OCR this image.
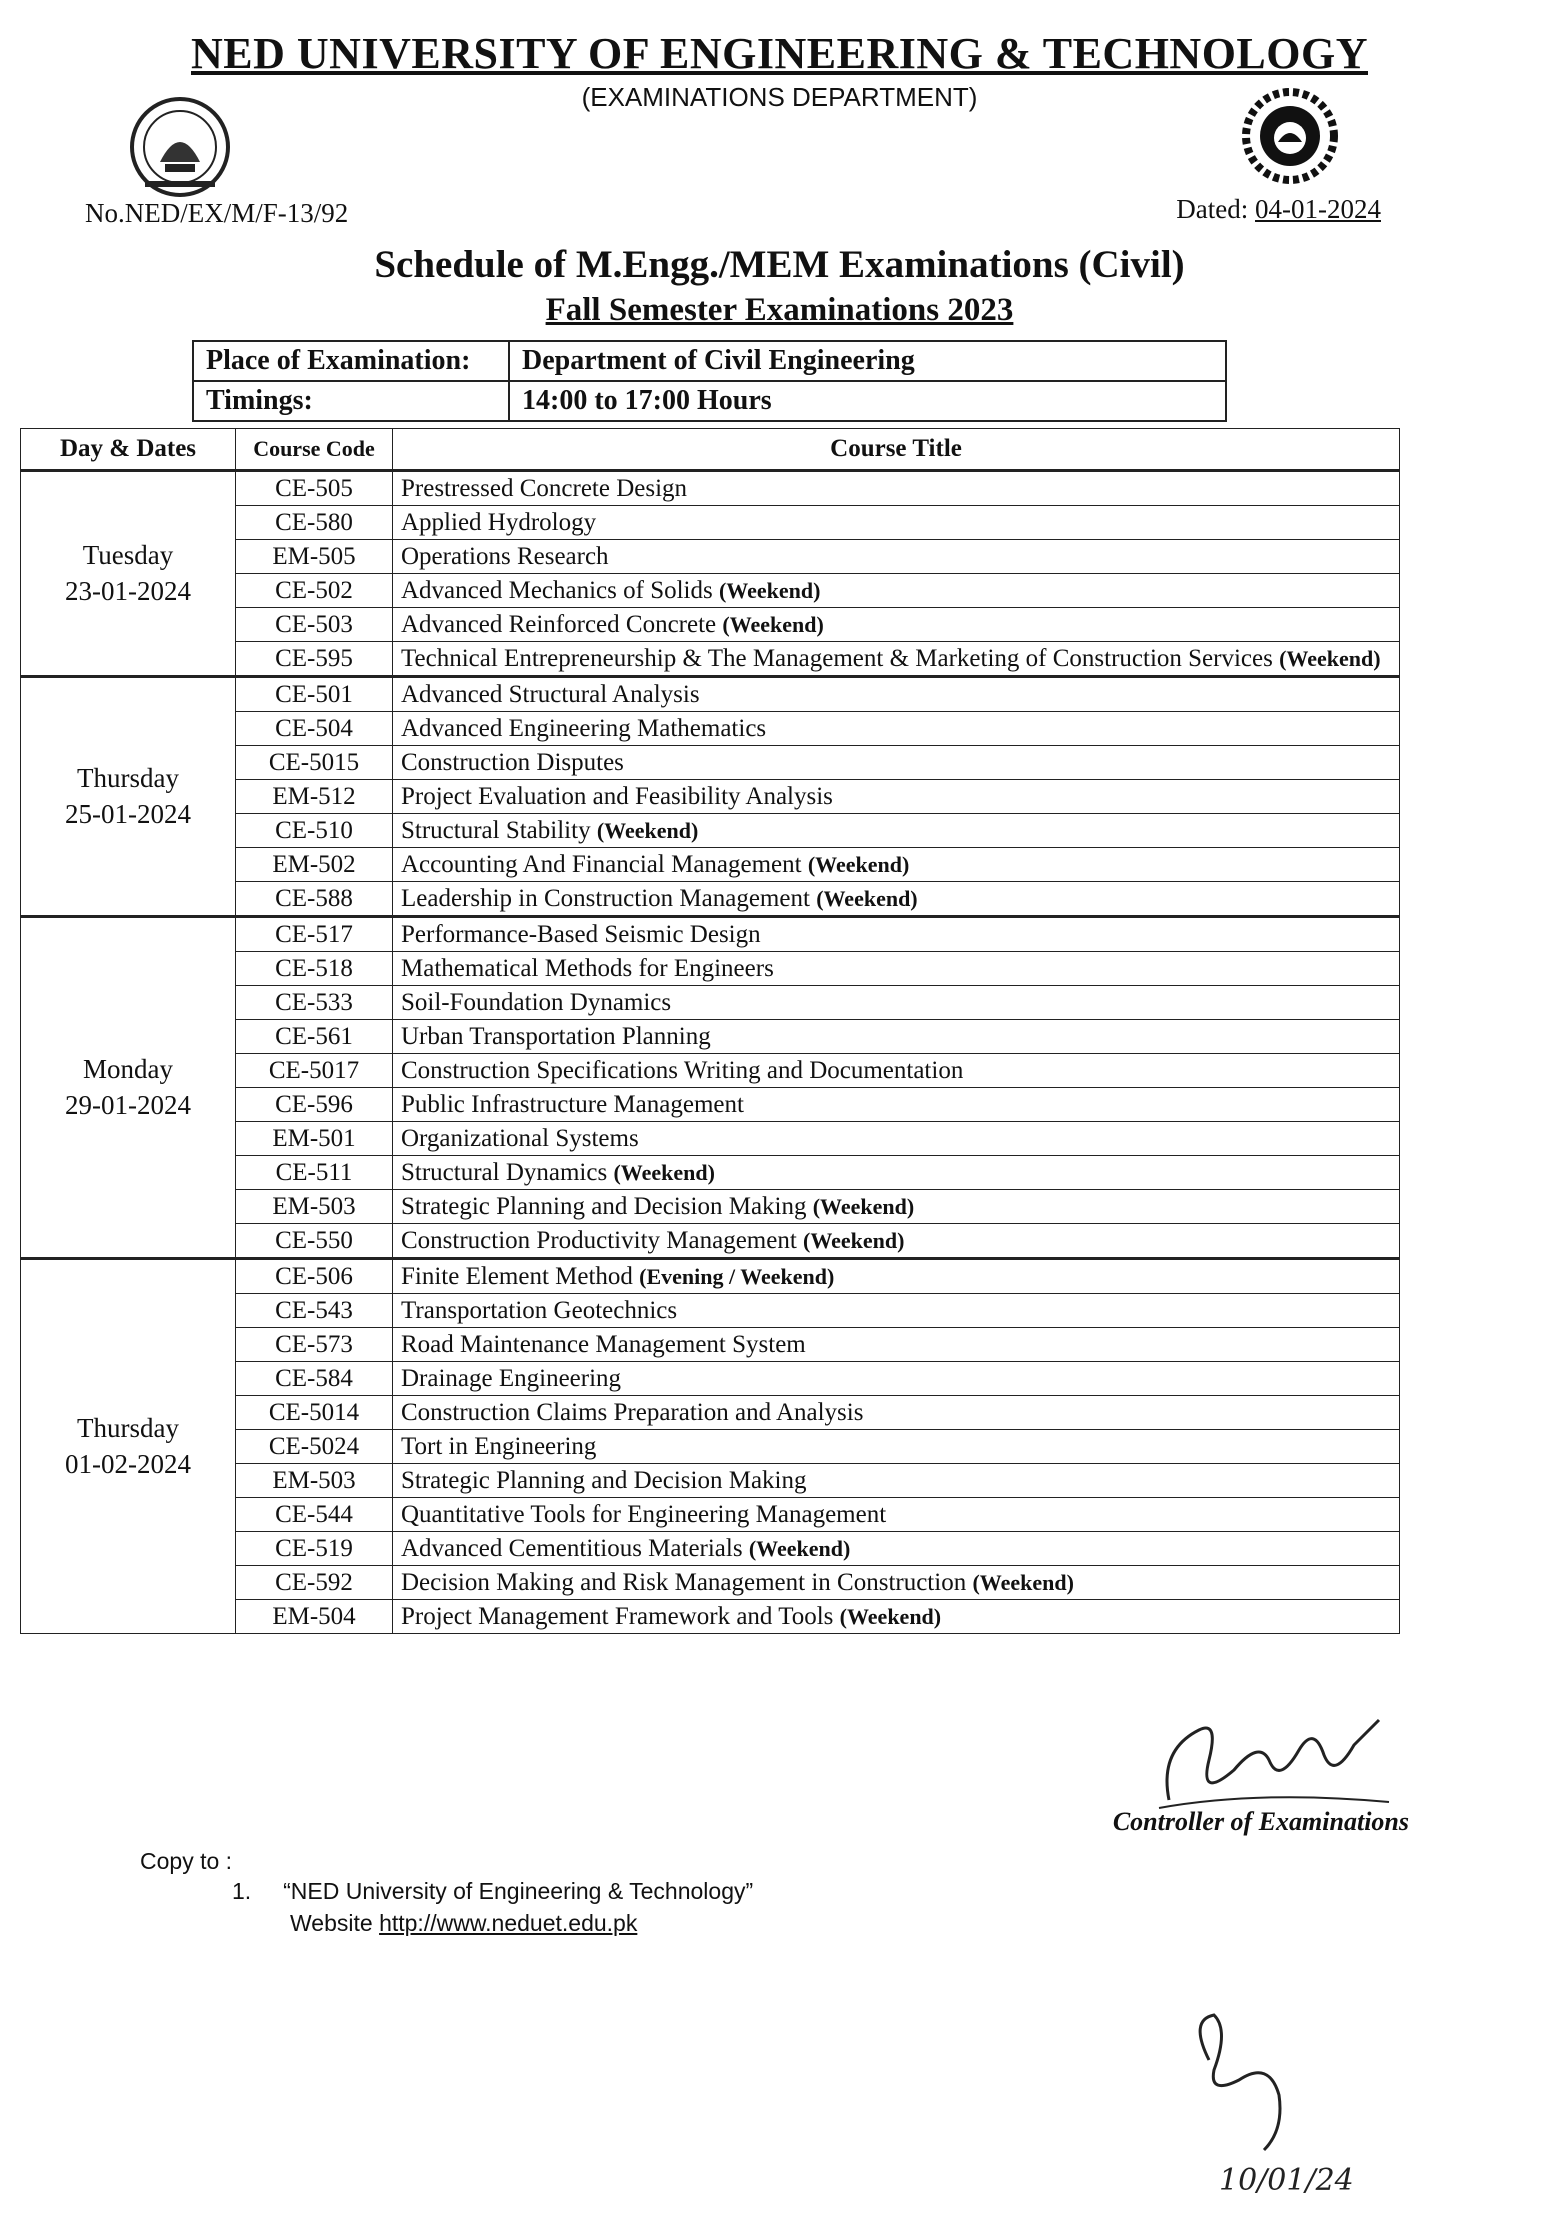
NED UNIVERSITY OF ENGINEERING & TECHNOLOGY
(EXAMINATIONS DEPARTMENT)
No.NED/EX/M/F-13/92	Dated: 04-01-2024
Schedule of M.Engg./MEM Examinations (Civil)
Fall Semester Examinations 2023
Place of Examination:	Department of Civil Engineering
Timings:	14:00 to 17:00 Hours
Day & Dates	Course Code	Course Title

Tuesday
23-01-2024	CE-505	Prestressed Concrete Design
	CE-580	Applied Hydrology
	EM-505	Operations Research
	CE-502	Advanced Mechanics of Solids (Weekend)
	CE-503	Advanced Reinforced Concrete (Weekend)
	CE-595	Technical Entrepreneurship & The Management & Marketing of Construction Services (Weekend)

Thursday
25-01-2024	CE-501	Advanced Structural Analysis
	CE-504	Advanced Engineering Mathematics
	CE-5015	Construction Disputes
	EM-512	Project Evaluation and Feasibility Analysis
	CE-510	Structural Stability (Weekend)
	EM-502	Accounting And Financial Management (Weekend)
	CE-588	Leadership in Construction Management (Weekend)

Monday
29-01-2024	CE-517	Performance-Based Seismic Design
	CE-518	Mathematical Methods for Engineers
	CE-533	Soil-Foundation Dynamics
	CE-561	Urban Transportation Planning
	CE-5017	Construction Specifications Writing and Documentation
	CE-596	Public Infrastructure Management
	EM-501	Organizational Systems
	CE-511	Structural Dynamics (Weekend)
	EM-503	Strategic Planning and Decision Making (Weekend)
	CE-550	Construction Productivity Management (Weekend)

Thursday
01-02-2024	CE-506	Finite Element Method (Evening / Weekend)
	CE-543	Transportation Geotechnics
	CE-573	Road Maintenance Management System
	CE-584	Drainage Engineering
	CE-5014	Construction Claims Preparation and Analysis
	CE-5024	Tort in Engineering
	EM-503	Strategic Planning and Decision Making
	CE-544	Quantitative Tools for Engineering Management
	CE-519	Advanced Cementitious Materials (Weekend)
	CE-592	Decision Making and Risk Management in Construction (Weekend)
	EM-504	Project Management Framework and Tools (Weekend)
Controller of Examinations
Copy to :
1. “NED University of Engineering & Technology”
Website http://www.neduet.edu.pk
10/01/24
